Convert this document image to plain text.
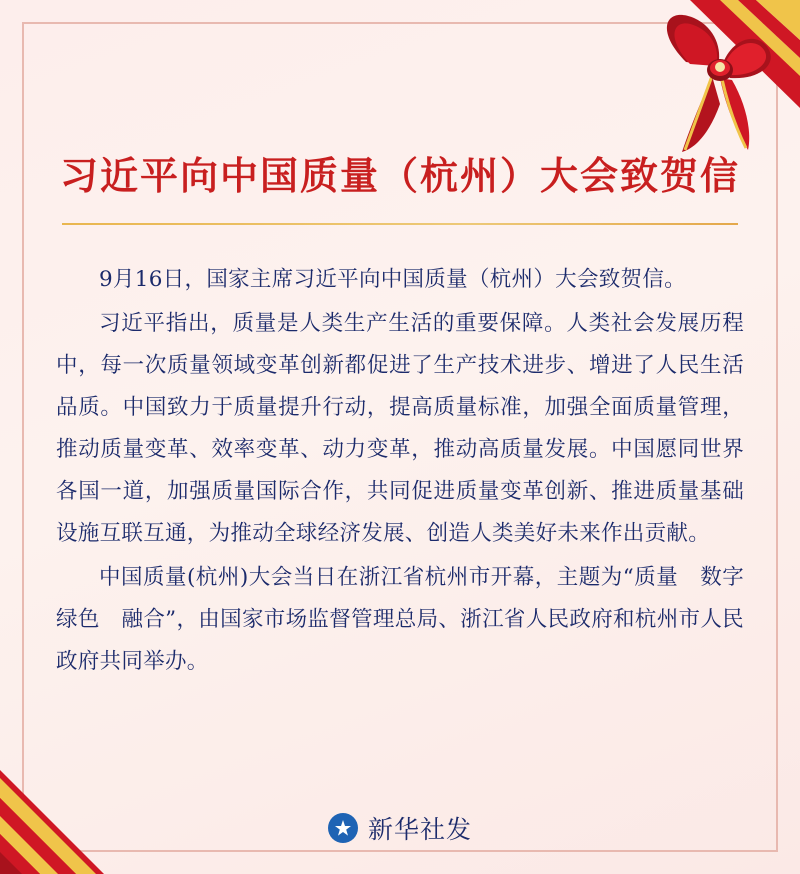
习近平向中国质量（杭州）大会致贺信

9月16日，国家主席习近平向中国质量（杭州）大会致贺信。

习近平指出，质量是人类生产生活的重要保障。人类社会发展历程中，每一次质量领域变革创新都促进了生产技术进步、增进了人民生活品质。中国致力于质量提升行动，提高质量标准，加强全面质量管理，推动质量变革、效率变革、动力变革，推动高质量发展。中国愿同世界各国一道，加强质量国际合作，共同促进质量变革创新、推进质量基础设施互联互通，为推动全球经济发展、创造人类美好未来作出贡献。

中国质量(杭州)大会当日在浙江省杭州市开幕，主题为“质量　数字　绿色　融合”，由国家市场监督管理总局、浙江省人民政府和杭州市人民政府共同举办。

新华社发
